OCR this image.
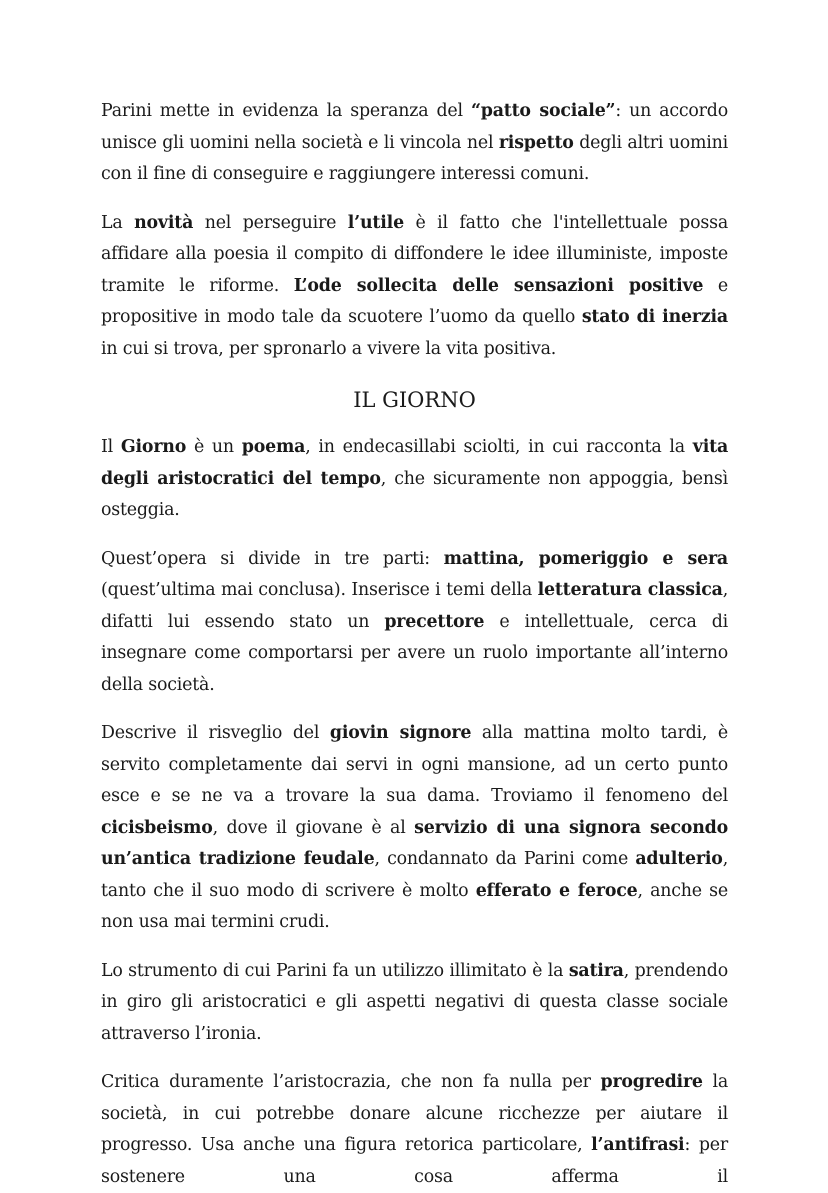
Parini mette in evidenza la speranza del “patto sociale”: un accordo unisce gli uomini nella società e li vincola nel rispetto degli altri uomini con il fine di conseguire e raggiungere interessi comuni.

La novità nel perseguire l’utile è il fatto che l'intellettuale possa affidare alla poesia il compito di diffondere le idee illuministe, imposte tramite le riforme. L’ode sollecita delle sensazioni positive e propositive in modo tale da scuotere l’uomo da quello stato di inerzia in cui si trova, per spronarlo a vivere la vita positiva.

IL GIORNO

Il Giorno è un poema, in endecasillabi sciolti, in cui racconta la vita degli aristocratici del tempo, che sicuramente non appoggia, bensì osteggia.

Quest’opera si divide in tre parti: mattina, pomeriggio e sera (quest’ultima mai conclusa). Inserisce i temi della letteratura classica, difatti lui essendo stato un precettore e intellettuale, cerca di insegnare come comportarsi per avere un ruolo importante all’interno della società.

Descrive il risveglio del giovin signore alla mattina molto tardi, è servito completamente dai servi in ogni mansione, ad un certo punto esce e se ne va a trovare la sua dama. Troviamo il fenomeno del cicisbeismo, dove il giovane è al servizio di una signora secondo un’antica tradizione feudale, condannato da Parini come adulterio, tanto che il suo modo di scrivere è molto efferato e feroce, anche se non usa mai termini crudi.

Lo strumento di cui Parini fa un utilizzo illimitato è la satira, prendendo in giro gli aristocratici e gli aspetti negativi di questa classe sociale attraverso l’ironia.

Critica duramente l’aristocrazia, che non fa nulla per progredire la società, in cui potrebbe donare alcune ricchezze per aiutare il progresso. Usa anche una figura retorica particolare, l’antifrasi: per sostenere una cosa afferma il
